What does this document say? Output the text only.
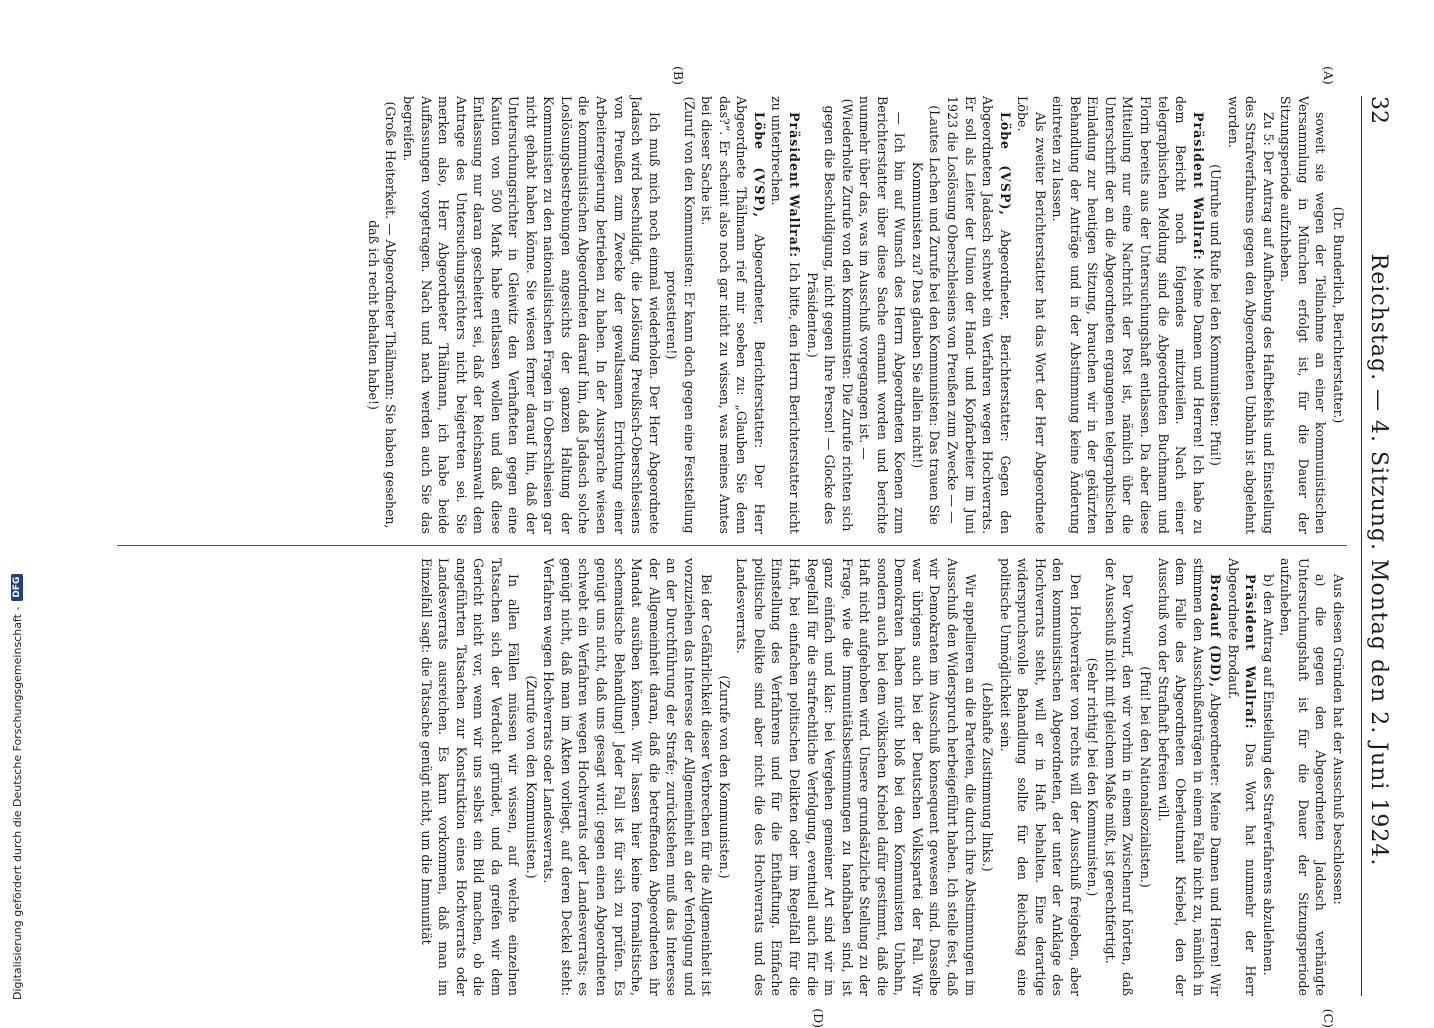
32
Reichstag. — 4. Sitzung. Montag den 2. Juni 1924.
(A)
(B)

(Dr. Bunderlich, Berichterstatter.)

soweit sie wegen der Teilnahme an einer kommunistischen Versammlung in München erfolgt ist, für die Dauer der Sitzungsperiode aufzuheben.

Zu 5: Der Antrag auf Aufhebung des Haftbefehls und Einstellung des Strafverfahrens gegen den Abgeordneten Unbahn ist abgelehnt worden.

(Unruhe und Rufe bei den Kommunisten: Pfui!)

Präsident Wallraf: Meine Damen und Herren! Ich habe zu dem Bericht noch folgendes mitzuteilen. Nach einer telegraphischen Meldung sind die Abgeordneten Buchmann und Florin bereits aus der Untersuchungshaft entlassen. Da aber diese Mitteilung nur eine Nachricht der Post ist, nämlich über die Unterschrift der an die Abgeordneten ergangenen telegraphischen Einladung zur heutigen Sitzung, brauchen wir in der gekürzten Behandlung der Anträge und in der Abstimmung keine Änderung eintreten zu lassen.

Als zweiter Berichterstatter hat das Wort der Herr Abgeordnete Löbe.

Löbe (VSP), Abgeordneter, Berichterstatter: Gegen den Abgeordneten Jadasch schwebt ein Verfahren wegen Hochverrats. Er soll als Leiter der Union der Hand- und Kopfarbeiter im Juni 1923 die Loslösung Oberschlesiens von Preußen zum Zwecke — —

(Lautes Lachen und Zurufe bei den Kommunisten: Das trauen Sie Kommunisten zu? Das glauben Sie allein nicht!)

— Ich bin auf Wunsch des Herrn Abgeordneten Koenen zum Berichterstatter über diese Sache ernannt worden und berichte nunmehr über das, was im Ausschuß vorgegangen ist. —

(Wiederholte Zurufe von den Kommunisten: Die Zurufe richten sich gegen die Beschuldigung, nicht gegen Ihre Person! — Glocke des Präsidenten.)

Präsident Wallraf: Ich bitte, den Herrn Berichterstatter nicht zu unterbrechen.

Löbe (VSP), Abgeordneter, Berichterstatter: Der Herr Abgeordnete Thälmann rief mir soeben zu: „Glauben Sie denn das?“. Er scheint also noch gar nicht zu wissen, was meines Amtes bei dieser Sache ist.

(Zuruf von den Kommunisten: Er kann doch gegen eine Feststellung protestieren!)

Ich muß mich noch einmal wiederholen. Der Herr Abgeordnete Jadasch wird beschuldigt, die Loslösung Preußisch-Oberschlesiens von Preußen zum Zwecke der gewaltsamen Errichtung einer Arbeiterregierung betrieben zu haben. In der Aussprache wiesen die kommunistischen Abgeordneten darauf hin, daß Jadasch solche Loslösungsbestrebungen angesichts der ganzen Haltung der Kommunisten zu den nationalistischen Fragen in Oberschlesien gar nicht gehabt haben könne. Sie wiesen ferner darauf hin, daß der Untersuchungsrichter in Gleiwitz den Verhafteten gegen eine Kaution von 500 Mark habe entlassen wollen und daß diese Entlassung nur daran gescheitert sei, daß der Reichsanwalt dem Antrage des Untersuchungsrichters nicht beigetreten sei. Sie merken also, Herr Abgeordneter Thälmann, ich habe beide Auffassungen vorgetragen. Nach und nach werden auch Sie das begreifen.

(Große Heiterkeit. — Abgeordneter Thälmann: Sie haben gesehen, daß ich recht behalten habe!)

(C)
(D)

Aus diesen Gründen hat der Ausschuß beschlossen:

a) die gegen den Abgeordneten Jadasch verhängte Untersuchungshaft ist für die Dauer der Sitzungsperiode aufzuheben,

b) den Antrag auf Einstellung des Strafverfahrens abzulehnen.

Präsident Wallraf: Das Wort hat nunmehr der Herr Abgeordnete Brodauf.

Brodauf (DD), Abgeordneter: Meine Damen und Herren! Wir stimmen den Ausschußanträgen in einem Falle nicht zu, nämlich in dem Falle des Abgeordneten Oberleutnant Kriebel, den der Ausschuß von der Strafhaft befreien will.

(Pfui! bei den Nationalsozialisten.)

Der Vorwurf, den wir vorhin in einem Zwischenruf hörten, daß der Ausschuß nicht mit gleichem Maße mißt, ist gerechtfertigt.

(Sehr richtig! bei den Kommunisten.)

Den Hochverräter von rechts will der Ausschuß freigeben, aber den kommunistischen Abgeordneten, der unter der Anklage des Hochverrats steht, will er in Haft behalten. Eine derartige widerspruchsvolle Behandlung sollte für den Reichstag eine politische Unmöglichkeit sein.

(Lebhafte Zustimmung links.)

Wir appellieren an die Parteien, die durch ihre Abstimmungen im Ausschuß den Widerspruch herbeigeführt haben. Ich stelle fest, daß wir Demokraten im Ausschuß konsequent gewesen sind. Dasselbe war übrigens auch bei der Deutschen Volkspartei der Fall. Wir Demokraten haben nicht bloß bei dem Kommunisten Unbahn, sondern auch bei dem völkischen Kriebel dafür gestimmt, daß die Haft nicht aufgehoben wird. Unsere grundsätzliche Stellung zu der Frage, wie die Immunitätsbestimmungen zu handhaben sind, ist ganz einfach und klar: bei Vergehen gemeiner Art sind wir im Regelfall für die strafrechtliche Verfolgung, eventuell auch für die Haft, bei einfachen politischen Delikten oder im Regelfall für die Einstellung des Verfahrens und für die Enthaftung. Einfache politische Delikte sind aber nicht die des Hochverrats und des Landesverrats.

(Zurufe von den Kommunisten.)

Bei der Gefährlichkeit dieser Verbrechen für die Allgemeinheit ist vorzuziehen das Interesse der Allgemeinheit an der Verfolgung und an der Durchführung der Strafe; zurückstehen muß das Interesse der Allgemeinheit daran, daß die betreffenden Abgeordneten ihr Mandat ausüben können. Wir lassen hier keine formalistische, schematische Behandlung! Jeder Fall ist für sich zu prüfen. Es genügt uns nicht, daß uns gesagt wird: gegen einen Abgeordneten schwebt ein Verfahren wegen Hochverrats oder Landesverrats; es genügt nicht, daß man im Akten vorliegt, auf deren Deckel steht: Verfahren wegen Hochverrats oder Landesverrats.

(Zurufe von den Kommunisten.)

In allen Fällen müssen wir wissen, auf welche einzelnen Tatsachen sich der Verdacht gründet, und da greifen wir dem Gericht nicht vor, wenn wir uns selbst ein Bild machen, ob die angeführten Tatsachen zur Konstruktion eines Hochverrats oder Landesverrats ausreichen. Es kann vorkommen, daß man im Einzelfall sagt: die Tatsache genügt nicht, um die Immunität

Digitalisierung gefördert durch die Deutsche Forschungsgemeinschaft -
DFG
